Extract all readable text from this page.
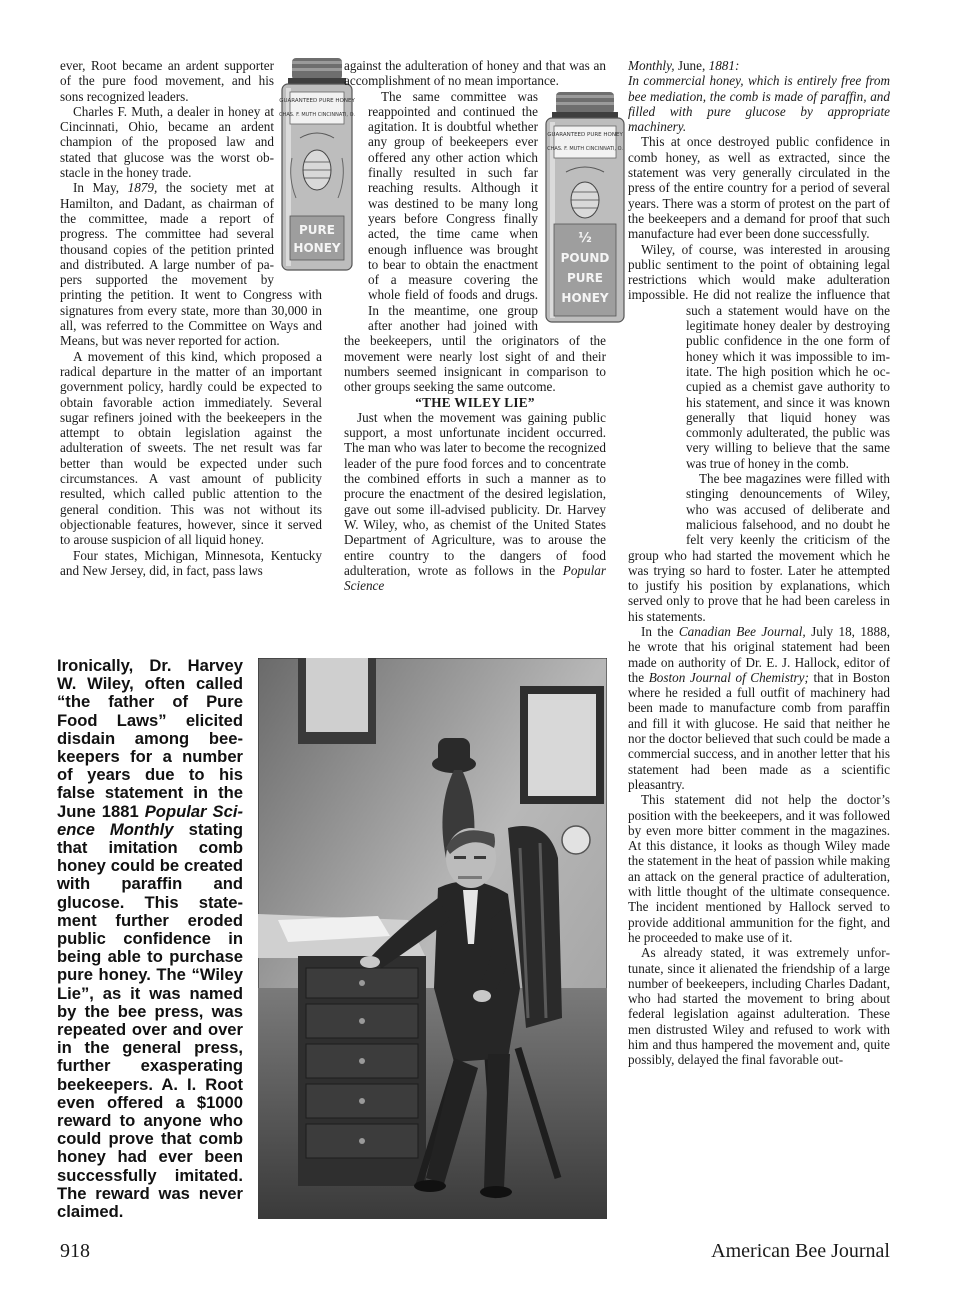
GUARANTEED PURE HONEY
CHAS. F. MUTH CINCINNATI, O.
PURE
HONEY

ever, Root became an ardent supporter of the pure food movement, and his sons recognized leaders.

Charles F. Muth, a dealer in honey at Cincinnati, Ohio, became an ardent champion of the proposed law and stated that glucose was the worst obstacle in the honey trade.

In May, 1879, the society met at Hamilton, and Dadant, as chairman of the committee, made a report of progress. The committee had several thousand copies of the petition printed and distributed. A large number of papers supported the movement by printing the petition. It went to Congress with signatures from every state, more than 30,000 in all, was referred to the Committee on Ways and Means, but was never reported for action.

A movement of this kind, which proposed a radical departure in the matter of an important government policy, hardly could be expected to obtain favorable action immediately. Several sugar refiners joined with the beekeepers in the attempt to obtain legislation against the adulteration of sweets. The net result was far better than would be expected under such circumstances. A vast amount of publicity resulted, which called public attention to the general condition. This was not without its objectionable features, however, since it served to arouse suspicion of all liquid honey.

Four states, Michigan, Minnesota, Kentucky and New Jersey, did, in fact, pass laws

GUARANTEED PURE HONEY
CHAS. F. MUTH CINCINNATI, O.
½
POUND
PURE
HONEY

against the adulteration of honey and that was an accomplishment of no mean importance.

The same committee was reappointed and continued the agitation. It is doubtful whether any group of beekeepers ever offered any other action which finally resulted in such far reaching results. Although it was destined to be many long years before Congress finally acted, the time came when enough influence was brought to bear to obtain the enactment of a measure covering the whole field of foods and drugs. In the meantime, one group after another had joined with the beekeepers, until the originators of the movement were nearly lost sight of and their numbers seemed insignicant in comparison to other groups seeking the same outcome.

“THE WILEY LIE”

Just when the movement was gaining public support, a most unfortunate incident occurred. The man who was later to become the recognized leader of the pure food forces and to concentrate the combined efforts in such a manner as to procure the enactment of the desired legislation, gave out some ill-advised publicity. Dr. Harvey W. Wiley, who, as chemist of the United States Department of Agriculture, was to arouse the entire country to the dangers of food adulteration, wrote as follows in the Popular Science

Monthly, June, 1881:

In commercial honey, which is entirely free from bee mediation, the comb is made of paraffin, and filled with pure glucose by appropriate machinery.

This at once destroyed public confidence in comb honey, as well as extracted, since the statement was very generally circulated in the press of the entire country for a period of several years. There was a storm of protest on the part of the beekeepers and a demand for proof that such manufacture had ever been done successfully.

Wiley, of course, was interested in arousing public sentiment to the point of obtaining legal restrictions which would make adulteration impossible. He did not realize the influence that such a statement would have on the legitimate honey dealer by destroying public confidence in the one form of honey which it was impossible to imitate. The high position which he occupied as a chemist gave authority to his statement, and since it was known generally that liquid honey was commonly adulterated, the public was very willing to believe that the same was true of honey in the comb.

The bee magazines were filled with stinging denouncements of Wiley, who was accused of deliberate and malicious falsehood, and no doubt he felt very keenly the criticism of the group who had started the movement which he was trying so hard to foster. Later he attempted to justify his position by explanations, which served only to prove that he had been careless in his statements.

In the Canadian Bee Journal, July 18, 1888, he wrote that his original statement had been made on authority of Dr. E. J. Hallock, editor of the Boston Journal of Chemistry; that in Boston where he resided a full outfit of machinery had been made to manufacture comb from paraffin and fill it with glucose. He said that neither he nor the doctor believed that such could be made a commercial success, and in another letter that his statement had been made as a scientific pleasantry.

This statement did not help the doctor’s position with the beekeepers, and it was followed by even more bitter comment in the magazines. At this distance, it looks as though Wiley made the statement in the heat of passion while making an attack on the general practice of adulteration, with little thought of the ultimate consequence. The incident mentioned by Hallock served to provide additional ammunition for the fight, and he proceeded to make use of it.

As already stated, it was extremely unfortunate, since it alienated the friendship of a large number of beekeepers, including Charles Dadant, who had started the movement to bring about federal legislation against adulteration. These men distrusted Wiley and refused to work with him and thus hampered the movement and, quite possibly, delayed the final favorable out-

Ironically, Dr. Harvey W. Wiley, often called “the father of Pure Food Laws” elicited disdain among beekeepers for a number of years due to his false statement in the June 1881 Popular Science Monthly stating that imitation comb honey could be created with paraffin and glucose. This statement further eroded public confidence in being able to purchase pure honey. The “Wiley Lie”, as it was named by the bee press, was repeated over and over in the general press, further exasperating beekeepers. A. I. Root even offered a $1000 reward to anyone who could prove that comb honey had ever been successfully imitated. The reward was never claimed.
918	American Bee Journal
